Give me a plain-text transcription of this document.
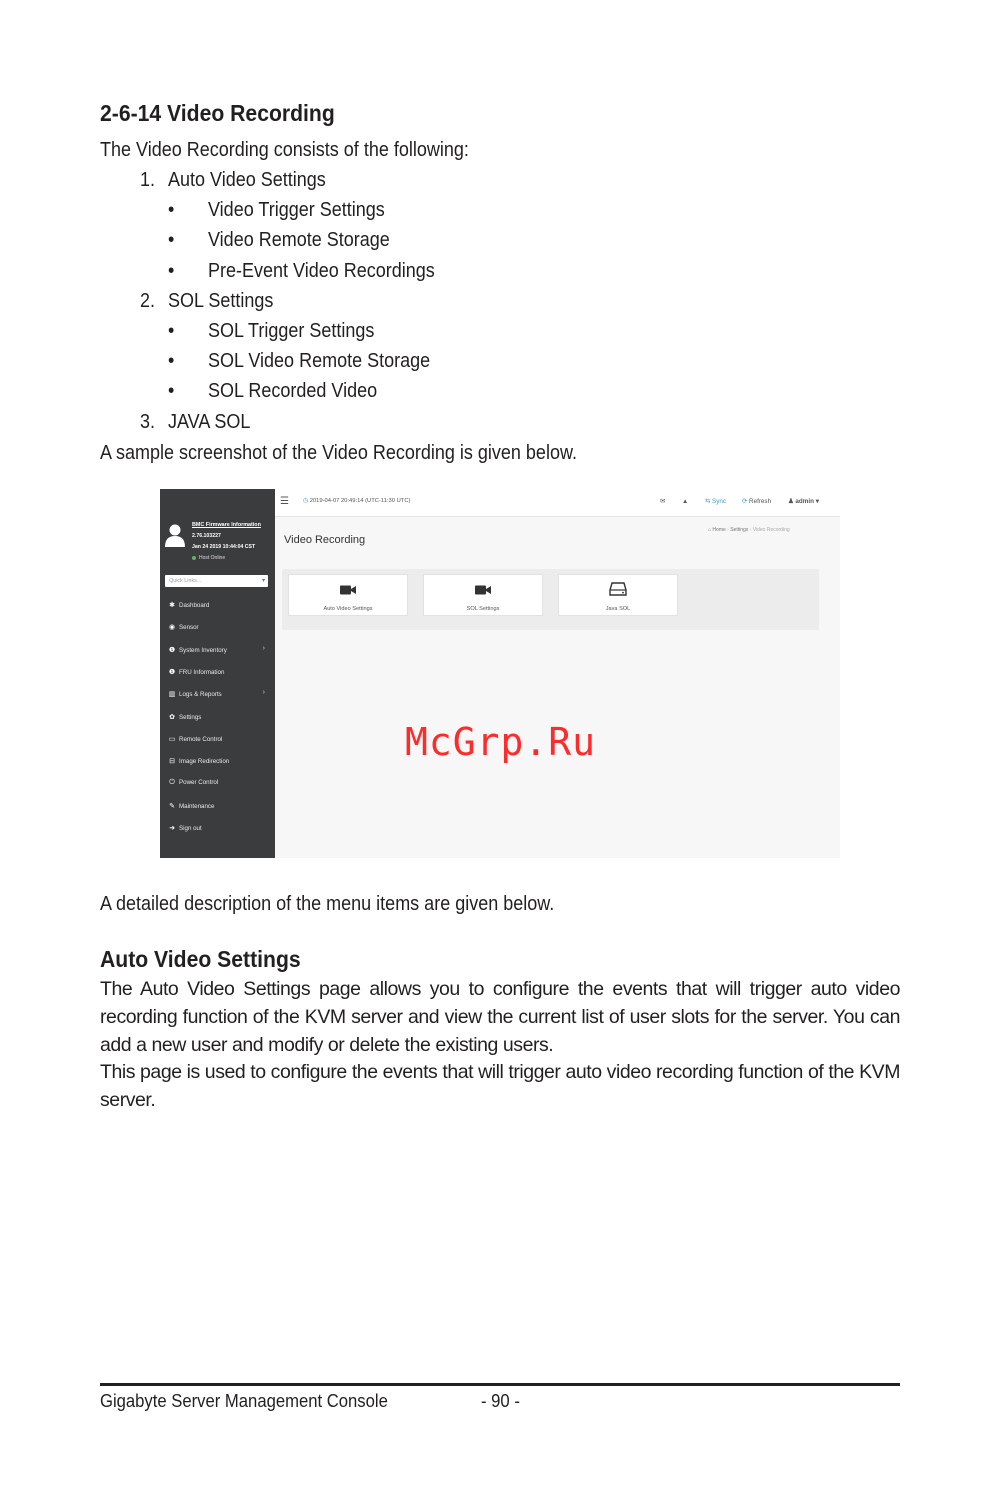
2-6-14 Video Recording
The Video Recording consists of the following:
1. Auto Video Settings
• Video Trigger Settings
• Video Remote Storage
• Pre-Event Video Recordings
2. SOL Settings
• SOL Trigger Settings
• SOL Video Remote Storage
• SOL Recorded Video
3. JAVA SOL
A sample screenshot of the Video Recording is given below.
BMC Firmware Information
2.76.103227
Jan 24 2019 10:44:04 CST
Host Online
Quick Links...	▾
✱ Dashboard
◉ Sensor
❶ System Inventory	›
❶ FRU Information
▥ Logs & Reports	›
✿ Settings
▭ Remote Control
⊟ Image Redirection
⏻ Power Control
✎ Maintenance
➜ Sign out
☰ ◷ 2019-04-07 20:49:14 (UTC-11:30 UTC)	✉	▲	⇆ Sync	⟳ Refresh	♟ admin ▾
Video Recording
⌂ Home › Settings › Video Recording
Auto Video Settings	SOL Settings	Java SOL
McGrp.Ru
A detailed description of the menu items are given below.
Auto Video Settings
The Auto Video Settings page allows you to configure the events that will trigger auto video recording function of the KVM server and view the current list of user slots for the server. You can add a new user and modify or delete the existing users.
This page is used to configure the events that will trigger auto video recording function of the KVM server.
Gigabyte Server Management Console	- 90 -
